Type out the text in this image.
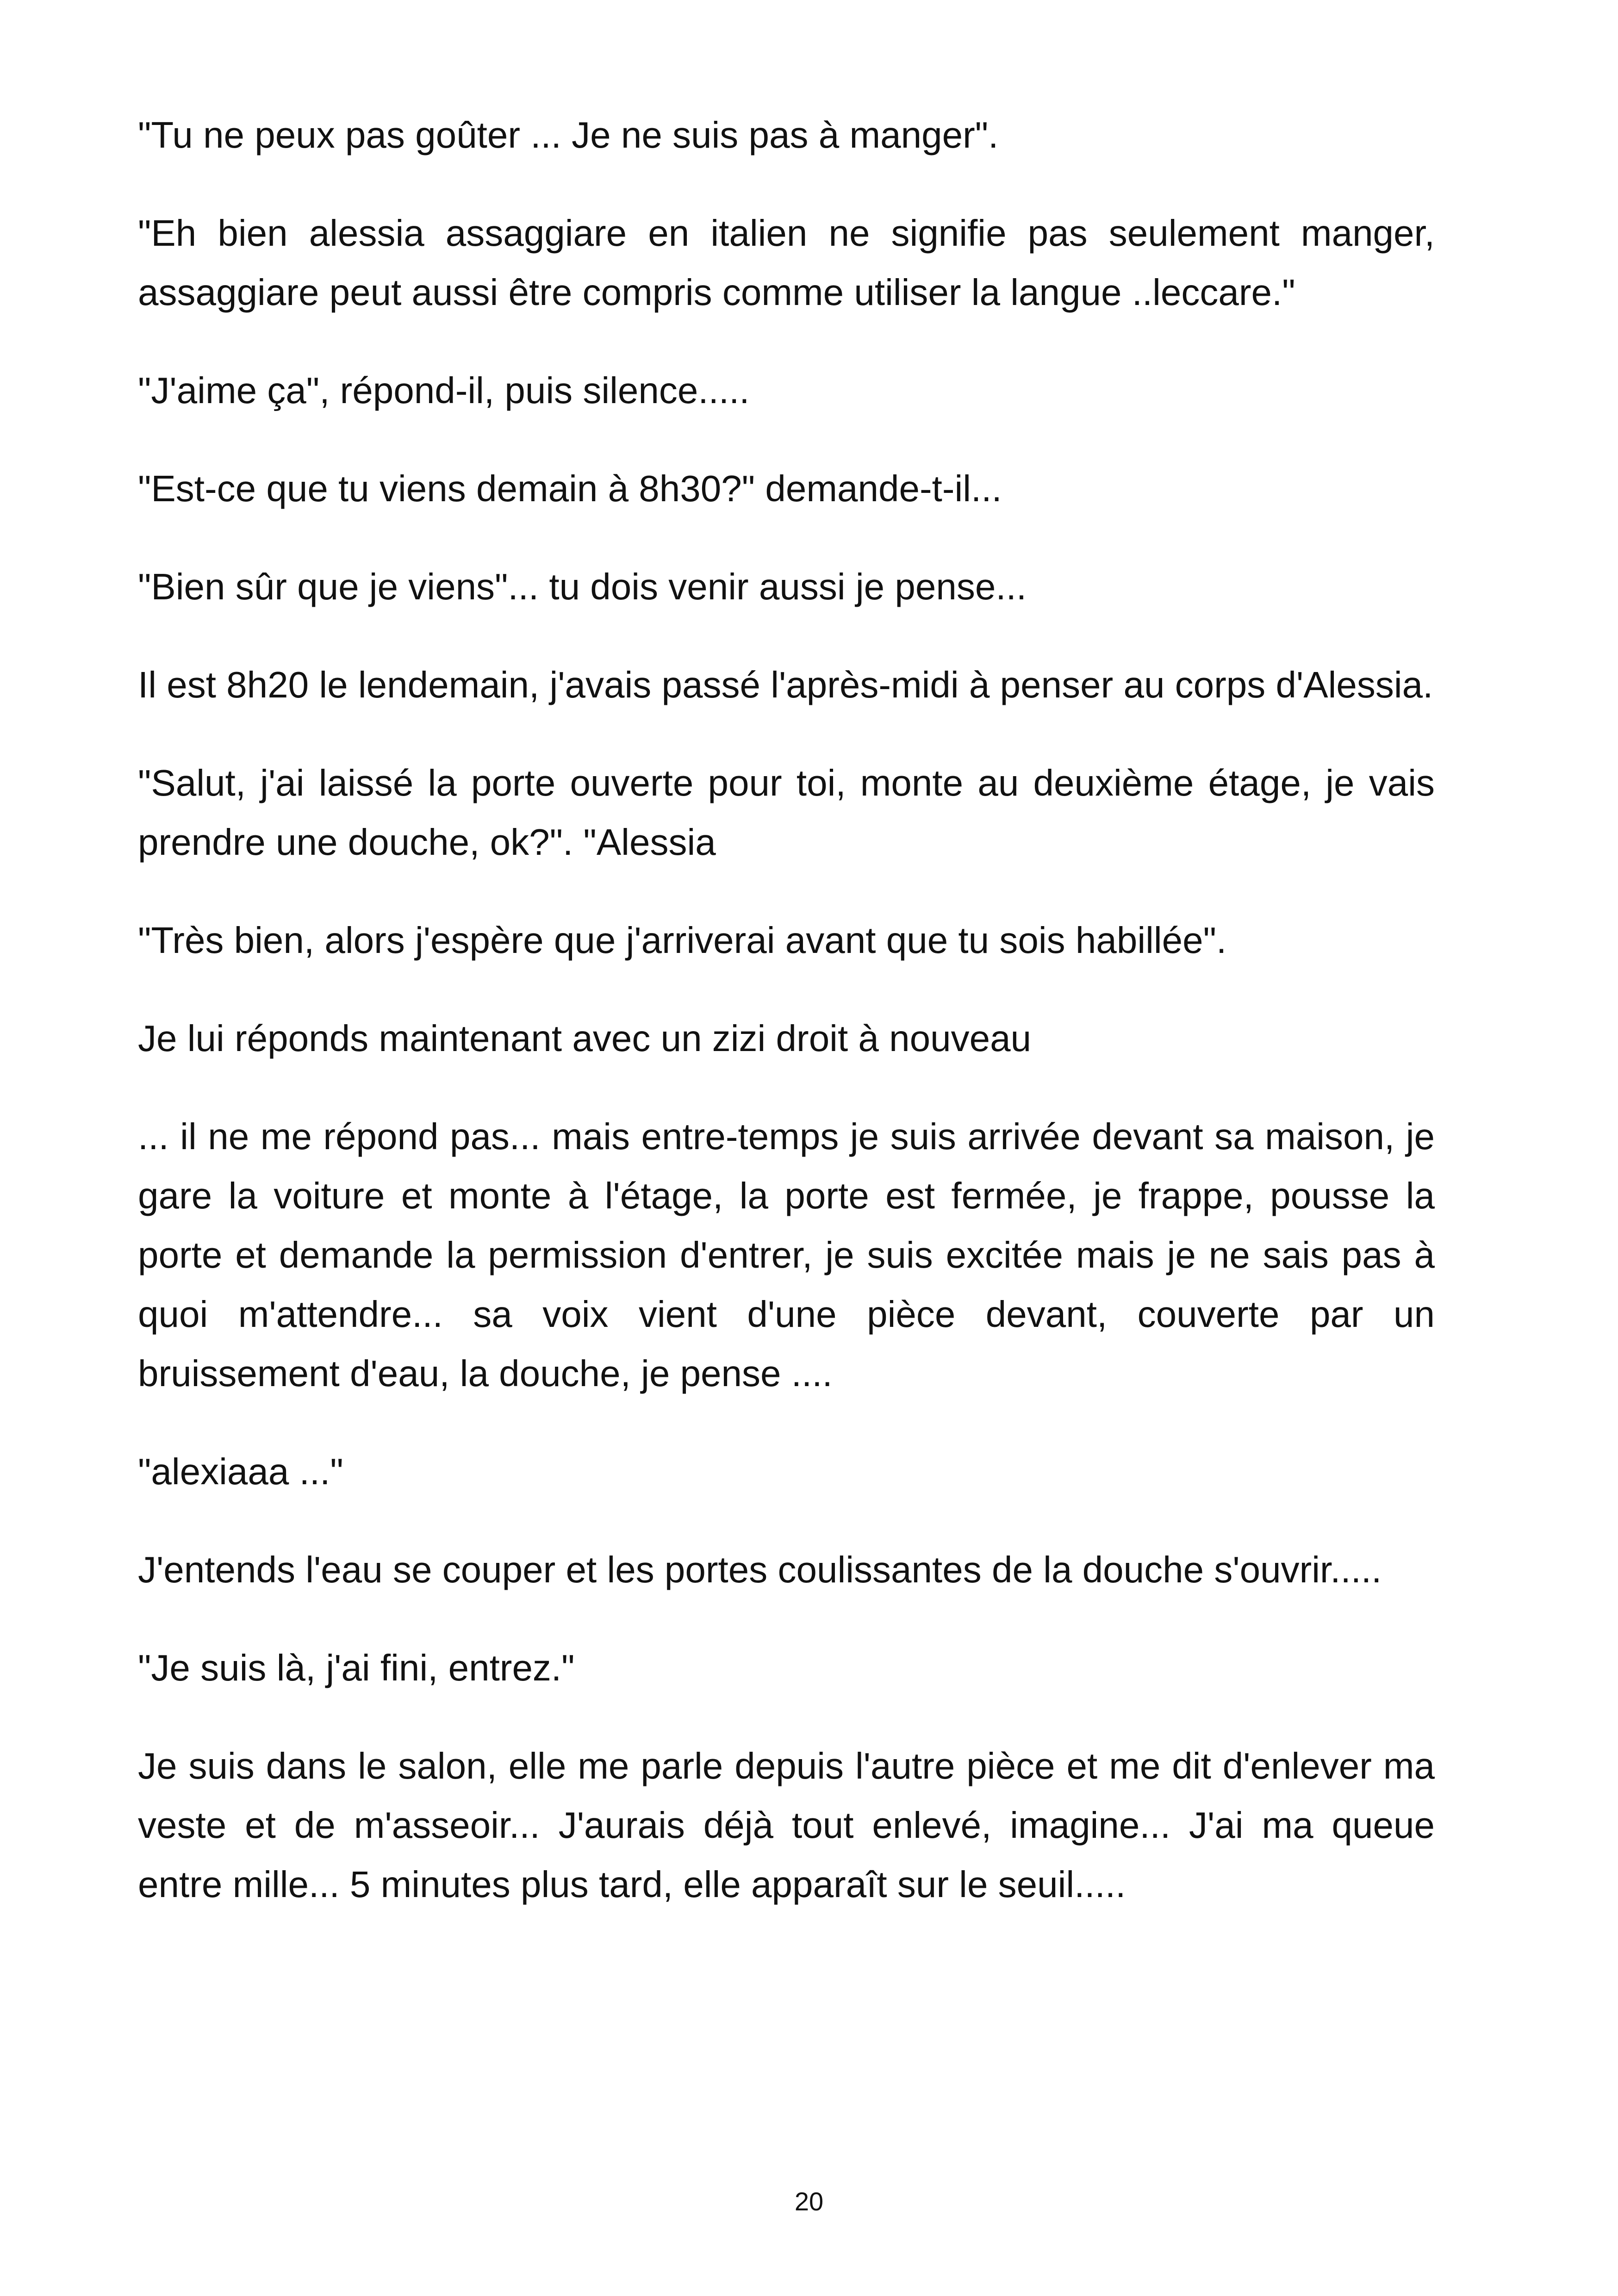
"Tu ne peux pas goûter ... Je ne suis pas à manger".

"Eh bien alessia assaggiare en italien ne signifie pas seulement manger, assaggiare peut aussi être compris comme utiliser la langue ..leccare."

"J'aime ça", répond-il, puis silence.....

"Est-ce que tu viens demain à 8h30?" demande-t-il...

"Bien sûr que je viens"... tu dois venir aussi je pense...

Il est 8h20 le lendemain, j'avais passé l'après-midi à penser au corps d'Alessia.

"Salut, j'ai laissé la porte ouverte pour toi, monte au deuxième étage, je vais prendre une douche, ok?". "Alessia

"Très bien, alors j'espère que j'arriverai avant que tu sois habillée".

Je lui réponds maintenant avec un zizi droit à nouveau

... il ne me répond pas... mais entre-temps je suis arrivée devant sa maison, je gare la voiture et monte à l'étage, la porte est fermée, je frappe, pousse la porte et demande la permission d'entrer, je suis excitée mais je ne sais pas à quoi m'attendre... sa voix vient d'une pièce devant, couverte par un bruissement d'eau, la douche, je pense ....

"alexiaaa ..."

J'entends l'eau se couper et les portes coulissantes de la douche s'ouvrir.....

"Je suis là, j'ai fini, entrez."

Je suis dans le salon, elle me parle depuis l'autre pièce et me dit d'enlever ma veste et de m'asseoir... J'aurais déjà tout enlevé, imagine... J'ai ma queue entre mille... 5 minutes plus tard, elle apparaît sur le seuil.....

20
